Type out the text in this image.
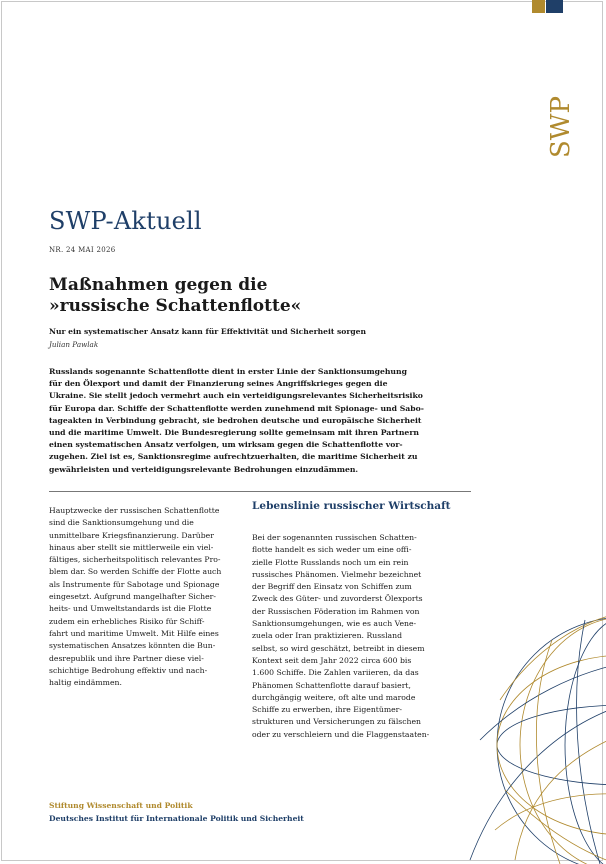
SWP
SWP-Aktuell
NR. 24 MAI 2026
Maßnahmen gegen die
»russische Schattenflotte«
Nur ein systematischer Ansatz kann für Effektivität und Sicherheit sorgen
Julian Pawlak

Russlands sogenannte Schattenflotte dient in erster Linie der Sanktionsumgehung
für den Ölexport und damit der Finanzierung seines Angriffskrieges gegen die
Ukraine. Sie stellt jedoch vermehrt auch ein verteidigungsrelevantes Sicherheitsrisiko
für Europa dar. Schiffe der Schattenflotte werden zunehmend mit Spionage- und Sabo-
tageakten in Verbindung gebracht, sie bedrohen deutsche und europäische Sicherheit
und die maritime Umwelt. Die Bundesregierung sollte gemeinsam mit ihren Partnern
einen systematischen Ansatz verfolgen, um wirksam gegen die Schattenflotte vor-
zugehen. Ziel ist es, Sanktionsregime aufrechtzuerhalten, die maritime Sicherheit zu
gewährleisten und verteidigungsrelevante Bedrohungen einzudämmen.

Lebenslinie russischer Wirtschaft
Hauptzwecke der russischen Schattenflotte
sind die Sanktionsumgehung und die
unmittelbare Kriegsfinanzierung. Darüber
hinaus aber stellt sie mittlerweile ein viel-
fältiges, sicherheitspolitisch relevantes Pro-
blem dar. So werden Schiffe der Flotte auch
als Instrumente für Sabotage und Spionage
eingesetzt. Aufgrund mangelhafter Sicher-
heits- und Umweltstandards ist die Flotte
zudem ein erhebliches Risiko für Schiff-
fahrt und maritime Umwelt. Mit Hilfe eines
systematischen Ansatzes könnten die Bun-
desrepublik und ihre Partner diese viel-
schichtige Bedrohung effektiv und nach-
haltig eindämmen.
Bei der sogenannten russischen Schatten-
flotte handelt es sich weder um eine offi-
zielle Flotte Russlands noch um ein rein
russisches Phänomen. Vielmehr bezeichnet
der Begriff den Einsatz von Schiffen zum
Zweck des Güter- und zuvorderst Ölexports
der Russischen Föderation im Rahmen von
Sanktionsumgehungen, wie es auch Vene-
zuela oder Iran praktizieren. Russland
selbst, so wird geschätzt, betreibt in diesem
Kontext seit dem Jahr 2022 circa 600 bis
1.600 Schiffe. Die Zahlen variieren, da das
Phänomen Schattenflotte darauf basiert,
durchgängig weitere, oft alte und marode
Schiffe zu erwerben, ihre Eigentümer-
strukturen und Versicherungen zu fälschen
oder zu verschleiern und die Flaggenstaaten-
Stiftung Wissenschaft und Politik
Deutsches Institut für Internationale Politik und Sicherheit
